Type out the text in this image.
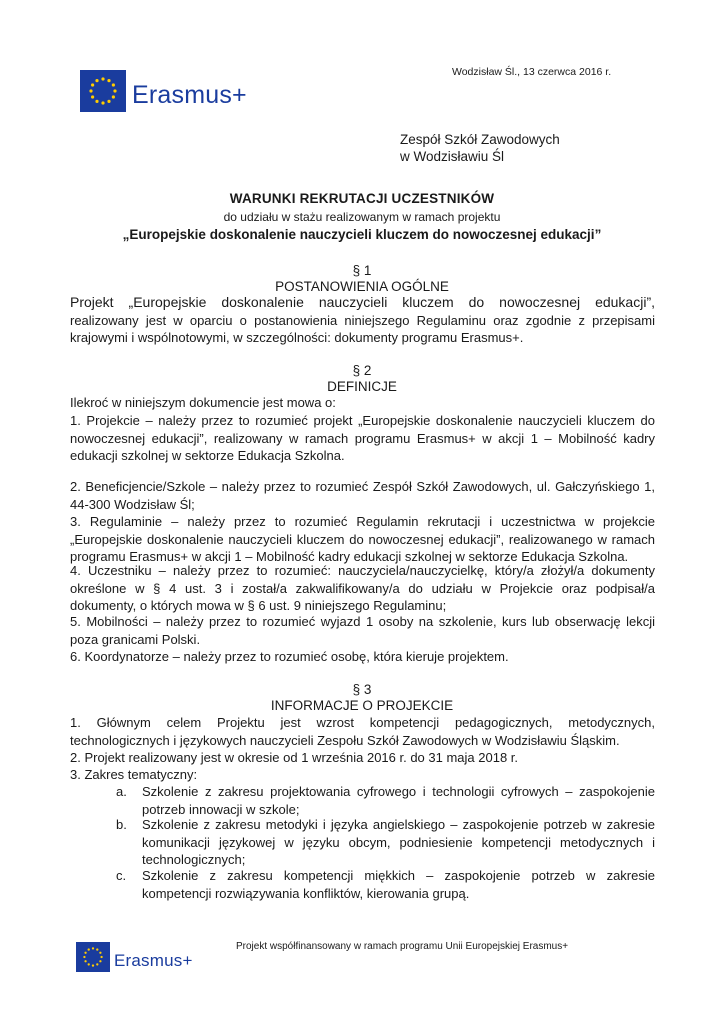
Erasmus+
Wodzisław Śl., 13 czerwca 2016 r.
Zespół Szkół Zawodowych
w Wodzisławiu Śl
WARUNKI REKRUTACJI UCZESTNIKÓW
do udziału w stażu realizowanym w ramach projektu
„Europejskie doskonalenie nauczycieli kluczem do nowoczesnej edukacji”
§ 1
POSTANOWIENIA OGÓLNE
Projekt „Europejskie doskonalenie nauczycieli kluczem do nowoczesnej edukacji”,
realizowany jest w oparciu o postanowienia niniejszego Regulaminu oraz zgodnie z przepisami
krajowymi i wspólnotowymi, w szczególności: dokumenty programu Erasmus+.
§ 2
DEFINICJE
Ilekroć w niniejszym dokumencie jest mowa o:
1. Projekcie – należy przez to rozumieć projekt „Europejskie doskonalenie nauczycieli kluczem do
nowoczesnej edukacji”, realizowany w ramach programu Erasmus+ w akcji 1 – Mobilność kadry
edukacji szkolnej w sektorze Edukacja Szkolna.
2. Beneficjencie/Szkole – należy przez to rozumieć Zespół Szkół Zawodowych, ul. Gałczyńskiego 1,
44-300 Wodzisław Śl;
3. Regulaminie – należy przez to rozumieć Regulamin rekrutacji i uczestnictwa w projekcie
„Europejskie doskonalenie nauczycieli kluczem do nowoczesnej edukacji”, realizowanego w ramach
programu Erasmus+ w akcji 1 – Mobilność kadry edukacji szkolnej w sektorze Edukacja Szkolna.
4. Uczestniku – należy przez to rozumieć: nauczyciela/nauczycielkę, który/a złożył/a dokumenty
określone w § 4 ust. 3 i został/a zakwalifikowany/a do udziału w Projekcie oraz podpisał/a
dokumenty, o których mowa w § 6 ust. 9 niniejszego Regulaminu;
5. Mobilności – należy przez to rozumieć wyjazd 1 osoby na szkolenie, kurs lub obserwację lekcji
poza granicami Polski.
6. Koordynatorze – należy przez to rozumieć osobę, która kieruje projektem.
§ 3
INFORMACJE O PROJEKCIE
1. Głównym celem Projektu jest wzrost kompetencji pedagogicznych, metodycznych,
technologicznych i językowych nauczycieli Zespołu Szkół Zawodowych w Wodzisławiu Śląskim.
2. Projekt realizowany jest w okresie od 1 września 2016 r. do 31 maja 2018 r.
3. Zakres tematyczny:
a. Szkolenie z zakresu projektowania cyfrowego i technologii cyfrowych – zaspokojenie
potrzeb innowacji w szkole;
b. Szkolenie z zakresu metodyki i języka angielskiego – zaspokojenie potrzeb w zakresie
komunikacji językowej w języku obcym, podniesienie kompetencji metodycznych i
technologicznych;
c. Szkolenie z zakresu kompetencji miękkich – zaspokojenie potrzeb w zakresie
kompetencji rozwiązywania konfliktów, kierowania grupą.
Erasmus+
Projekt współfinansowany w ramach programu Unii Europejskiej Erasmus+
